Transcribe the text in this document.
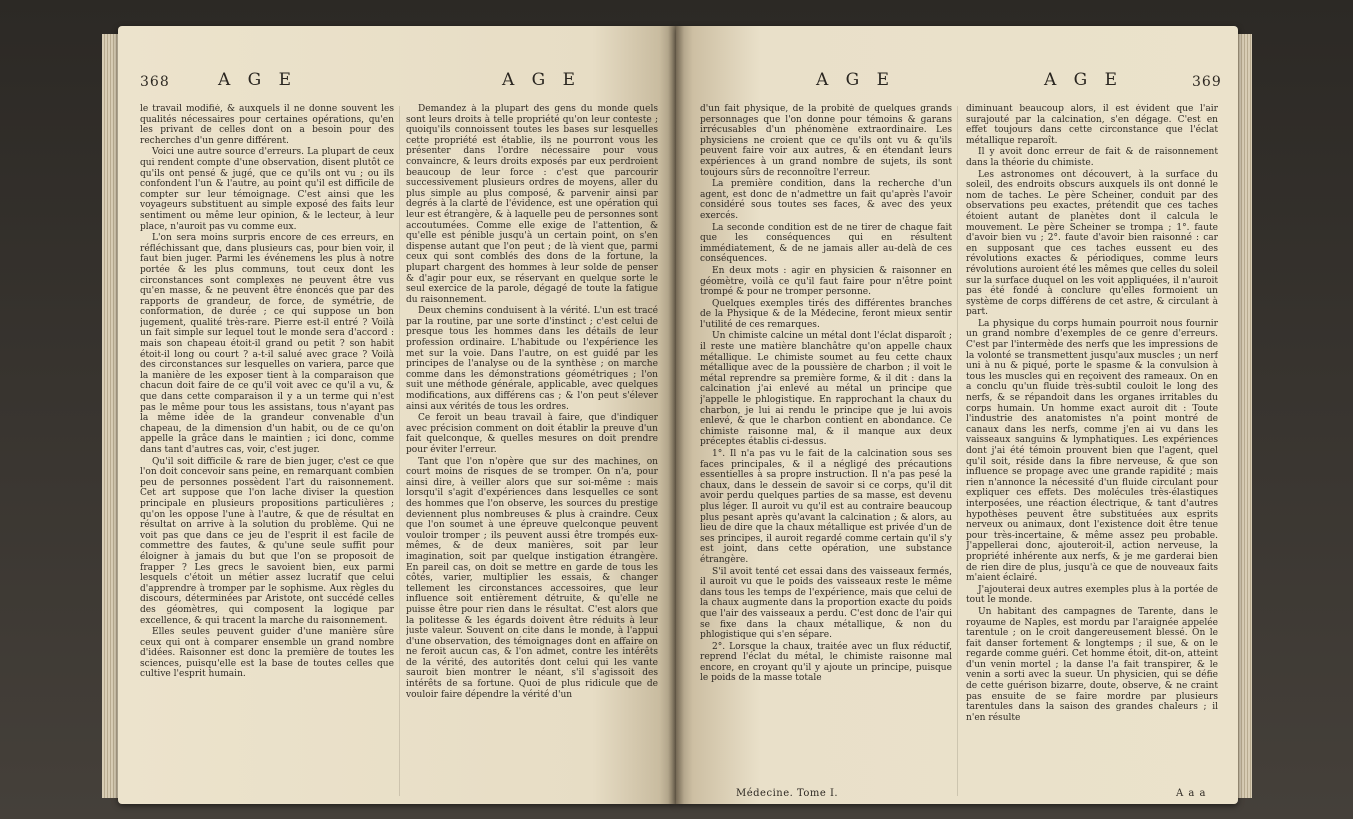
368	A G E	A G E

le travail modifié, & auxquels il ne donne souvent les qualités nécessaires pour certaines opérations, qu'en les privant de celles dont on a besoin pour des recherches d'un genre différent.

Voici une autre source d'erreurs. La plupart de ceux qui rendent compte d'une observation, disent plutôt ce qu'ils ont pensé & jugé, que ce qu'ils ont vu ; ou ils confondent l'un & l'autre, au point qu'il est difficile de compter sur leur témoignage. C'est ainsi que les voyageurs substituent au simple exposé des faits leur sentiment ou même leur opinion, & le lecteur, à leur place, n'auroit pas vu comme eux.

L'on sera moins surpris encore de ces erreurs, en réfléchissant que, dans plusieurs cas, pour bien voir, il faut bien juger. Parmi les événemens les plus à notre portée & les plus communs, tout ceux dont les circonstances sont complexes ne peuvent être vus qu'en masse, & ne peuvent être énoncés que par des rapports de grandeur, de force, de symétrie, de conformation, de durée ; ce qui suppose un bon jugement, qualité très-rare. Pierre est-il entré ? Voilà un fait simple sur lequel tout le monde sera d'accord : mais son chapeau étoit-il grand ou petit ? son habit étoit-il long ou court ? a-t-il salué avec grace ? Voilà des circonstances sur lesquelles on variera, parce que la manière de les exposer tient à la comparaison que chacun doit faire de ce qu'il voit avec ce qu'il a vu, & que dans cette comparaison il y a un terme qui n'est pas le même pour tous les assistans, tous n'ayant pas la même idée de la grandeur convenable d'un chapeau, de la dimension d'un habit, ou de ce qu'on appelle la grâce dans le maintien ; ici donc, comme dans tant d'autres cas, voir, c'est juger.

Qu'il soit difficile & rare de bien juger, c'est ce que l'on doit concevoir sans peine, en remarquant combien peu de personnes possèdent l'art du raisonnement. Cet art suppose que l'on lache diviser la question principale en plusieurs propositions particulières ; qu'on les oppose l'une à l'autre, & que de résultat en résultat on arrive à la solution du problème. Qui ne voit pas que dans ce jeu de l'esprit il est facile de commettre des fautes, & qu'une seule suffit pour éloigner à jamais du but que l'on se proposoit de frapper ? Les grecs le savoient bien, eux parmi lesquels c'étoit un métier assez lucratif que celui d'apprendre à tromper par le sophisme. Aux règles du discours, déterminées par Aristote, ont succédé celles des géomètres, qui composent la logique par excellence, & qui tracent la marche du raisonnement.

Elles seules peuvent guider d'une manière sûre ceux qui ont à comparer ensemble un grand nombre d'idées. Raisonner est donc la première de toutes les sciences, puisqu'elle est la base de toutes celles que cultive l'esprit humain.

Demandez à la plupart des gens du monde quels sont leurs droits à telle propriété qu'on leur conteste ; quoiqu'ils connoissent toutes les bases sur lesquelles cette propriété est établie, ils ne pourront vous les présenter dans l'ordre nécessaire pour vous convaincre, & leurs droits exposés par eux perdroient beaucoup de leur force : c'est que parcourir successivement plusieurs ordres de moyens, aller du plus simple au plus composé, & parvenir ainsi par degrés à la clarté de l'évidence, est une opération qui leur est étrangère, & à laquelle peu de personnes sont accoutumées. Comme elle exige de l'attention, & qu'elle est pénible jusqu'à un certain point, on s'en dispense autant que l'on peut ; de là vient que, parmi ceux qui sont comblés des dons de la fortune, la plupart chargent des hommes à leur solde de penser & d'agir pour eux, se réservant en quelque sorte le seul exercice de la parole, dégagé de toute la fatigue du raisonnement.

Deux chemins conduisent à la vérité. L'un est tracé par la routine, par une sorte d'instinct ; c'est celui de presque tous les hommes dans les détails de leur profession ordinaire. L'habitude ou l'expérience les met sur la voie. Dans l'autre, on est guidé par les principes de l'analyse ou de la synthèse ; on marche comme dans les démonstrations géométriques ; l'on suit une méthode générale, applicable, avec quelques modifications, aux différens cas ; & l'on peut s'élever ainsi aux vérités de tous les ordres.

Ce feroit un beau travail à faire, que d'indiquer avec précision comment on doit établir la preuve d'un fait quelconque, & quelles mesures on doit prendre pour éviter l'erreur.

Tant que l'on n'opère que sur des machines, on court moins de risques de se tromper. On n'a, pour ainsi dire, à veiller alors que sur soi-même : mais lorsqu'il s'agit d'expériences dans lesquelles ce sont des hommes que l'on observe, les sources du prestige deviennent plus nombreuses & plus à craindre. Ceux que l'on soumet à une épreuve quelconque peuvent vouloir tromper ; ils peuvent aussi être trompés eux-mêmes, & de deux manières, soit par leur imagination, soit par quelque instigation étrangère. En pareil cas, on doit se mettre en garde de tous les côtés, varier, multiplier les essais, & changer tellement les circonstances accessoires, que leur influence soit entièrement détruite, & qu'elle ne puisse être pour rien dans le résultat. C'est alors que la politesse & les égards doivent être réduits à leur juste valeur. Souvent on cite dans le monde, à l'appui d'une observation, des témoignages dont en affaire on ne feroit aucun cas, & l'on admet, contre les intérêts de la vérité, des autorités dont celui qui les vante sauroit bien montrer le néant, s'il s'agissoit des intérêts de sa fortune. Quoi de plus ridicule que de vouloir faire dépendre la vérité d'un

A G E	A G E	369

d'un fait physique, de la probité de quelques grands personnages que l'on donne pour témoins & garans irrécusables d'un phénomène extraordinaire. Les physiciens ne croient que ce qu'ils ont vu & qu'ils peuvent faire voir aux autres, & en étendant leurs expériences à un grand nombre de sujets, ils sont toujours sûrs de reconnoître l'erreur.

La première condition, dans la recherche d'un agent, est donc de n'admettre un fait qu'après l'avoir considéré sous toutes ses faces, & avec des yeux exercés.

La seconde condition est de ne tirer de chaque fait que les conséquences qui en résultent immédiatement, & de ne jamais aller au-delà de ces conséquences.

En deux mots : agir en physicien & raisonner en géomètre, voilà ce qu'il faut faire pour n'être point trompé & pour ne tromper personne.

Quelques exemples tirés des différentes branches de la Physique & de la Médecine, feront mieux sentir l'utilité de ces remarques.

Un chimiste calcine un métal dont l'éclat disparoît ; il reste une matière blanchâtre qu'on appelle chaux métallique. Le chimiste soumet au feu cette chaux métallique avec de la poussière de charbon ; il voit le métal reprendre sa première forme, & il dit : dans la calcination j'ai enlevé au métal un principe que j'appelle le phlogistique. En rapprochant la chaux du charbon, je lui ai rendu le principe que je lui avois enlevé, & que le charbon contient en abondance. Ce chimiste raisonne mal, & il manque aux deux préceptes établis ci-dessus.

1°. Il n'a pas vu le fait de la calcination sous ses faces principales, & il a négligé des précautions essentielles à sa propre instruction. Il n'a pas pesé la chaux, dans le dessein de savoir si ce corps, qu'il dit avoir perdu quelques parties de sa masse, est devenu plus léger. Il auroit vu qu'il est au contraire beaucoup plus pesant après qu'avant la calcination ; & alors, au lieu de dire que la chaux métallique est privée d'un de ses principes, il auroit regardé comme certain qu'il s'y est joint, dans cette opération, une substance étrangère.

S'il avoit tenté cet essai dans des vaisseaux fermés, il auroit vu que le poids des vaisseaux reste le même dans tous les temps de l'expérience, mais que celui de la chaux augmente dans la proportion exacte du poids que l'air des vaisseaux a perdu. C'est donc de l'air qui se fixe dans la chaux métallique, & non du phlogistique qui s'en sépare.

2°. Lorsque la chaux, traitée avec un flux réductif, reprend l'éclat du métal, le chimiste raisonne mal encore, en croyant qu'il y ajoute un principe, puisque le poids de la masse totale

diminuant beaucoup alors, il est évident que l'air surajouté par la calcination, s'en dégage. C'est en effet toujours dans cette circonstance que l'éclat métallique reparoît.

Il y avoit donc erreur de fait & de raisonnement dans la théorie du chimiste.

Les astronomes ont découvert, à la surface du soleil, des endroits obscurs auxquels ils ont donné le nom de taches. Le père Scheiner, conduit par des observations peu exactes, prétendit que ces taches étoient autant de planètes dont il calcula le mouvement. Le père Scheiner se trompa ; 1°. faute d'avoir bien vu ; 2°. faute d'avoir bien raisonné : car en supposant que ces taches eussent eu des révolutions exactes & périodiques, comme leurs révolutions auroient été les mêmes que celles du soleil sur la surface duquel on les voit appliquées, il n'auroit pas été fondé à conclure qu'elles formoient un système de corps différens de cet astre, & circulant à part.

La physique du corps humain pourroit nous fournir un grand nombre d'exemples de ce genre d'erreurs. C'est par l'intermède des nerfs que les impressions de la volonté se transmettent jusqu'aux muscles ; un nerf uni à nu & piqué, porte le spasme & la convulsion à tous les muscles qui en reçoivent des rameaux. On en a conclu qu'un fluide très-subtil couloit le long des nerfs, & se répandoit dans les organes irritables du corps humain. Un homme exact auroit dit : Toute l'industrie des anatomistes n'a point montré de canaux dans les nerfs, comme j'en ai vu dans les vaisseaux sanguins & lymphatiques. Les expériences dont j'ai été témoin prouvent bien que l'agent, quel qu'il soit, réside dans la fibre nerveuse, & que son influence se propage avec une grande rapidité ; mais rien n'annonce la nécessité d'un fluide circulant pour expliquer ces effets. Des molécules très-élastiques interposées, une réaction électrique, & tant d'autres hypothèses peuvent être substituées aux esprits nerveux ou animaux, dont l'existence doit être tenue pour très-incertaine, & même assez peu probable. J'appellerai donc, ajouteroit-il, action nerveuse, la propriété inhérente aux nerfs, & je me garderai bien de rien dire de plus, jusqu'à ce que de nouveaux faits m'aient éclairé.

J'ajouterai deux autres exemples plus à la portée de tout le monde.

Un habitant des campagnes de Tarente, dans le royaume de Naples, est mordu par l'araignée appelée tarentule ; on le croit dangereusement blessé. On le fait danser fortement & longtemps ; il sue, & on le regarde comme guéri. Cet homme étoit, dit-on, atteint d'un venin mortel ; la danse l'a fait transpirer, & le venin a sorti avec la sueur. Un physicien, qui se défie de cette guérison bizarre, doute, observe, & ne craint pas ensuite de se faire mordre par plusieurs tarentules dans la saison des grandes chaleurs ; il n'en résulte

Médecine. Tome I.	A a a
